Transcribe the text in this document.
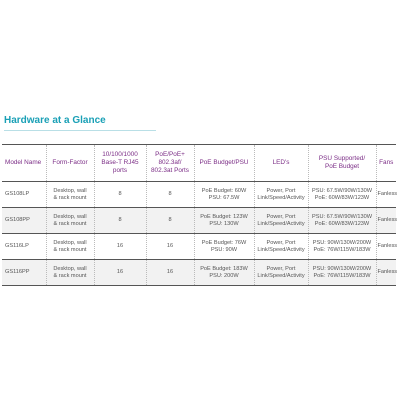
Hardware at a Glance
Model Name	Form-Factor	10/100/1000
Base-T RJ45
ports	PoE/PoE+
802.3af/
802.3at Ports	PoE Budget/PSU	LED's	PSU Supported/
PoE Budget	Fans
GS108LP	Desktop, wall
& rack mount	8	8	PoE Budget: 60W
PSU: 67.5W	Power, Port
Link/Speed/Activity	PSU: 67.5W/90W/130W
PoE: 60W/83W/123W	Fanless
GS108PP	Desktop, wall
& rack mount	8	8	PoE Budget: 123W
PSU: 130W	Power, Port
Link/Speed/Activity	PSU: 67.5W/90W/130W
PoE: 60W/83W/123W	Fanless
GS116LP	Desktop, wall
& rack mount	16	16	PoE Budget: 76W
PSU: 90W	Power, Port
Link/Speed/Activity	PSU: 90W/130W/200W
PoE: 76W/115W/183W	Fanless
GS116PP	Desktop, wall
& rack mount	16	16	PoE Budget: 183W
PSU: 200W	Power, Port
Link/Speed/Activity	PSU: 90W/130W/200W
PoE: 76W/115W/183W	Fanless
